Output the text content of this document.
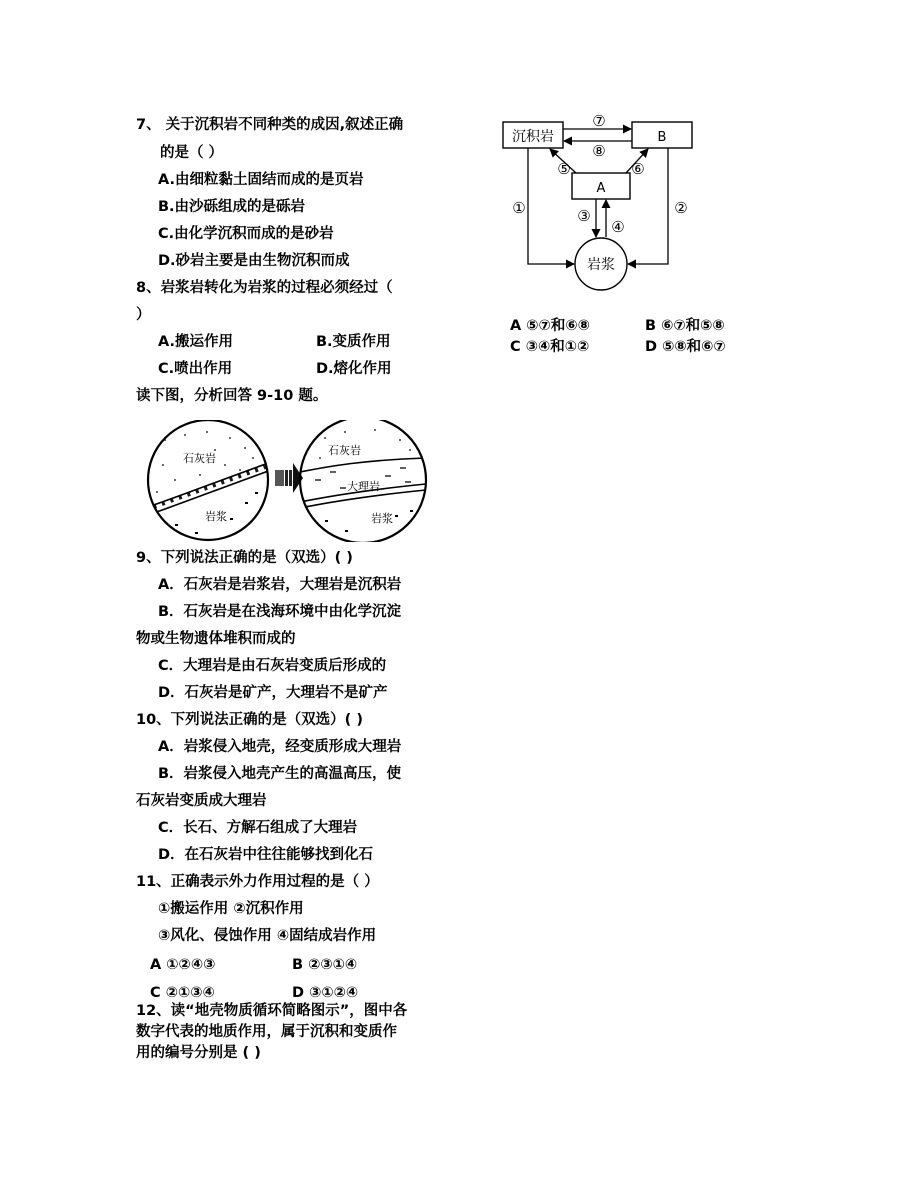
7、 关于沉积岩不同种类的成因,叙述正确
的是（ ）
A.由细粒黏土固结而成的是页岩
B.由沙砾组成的是砾岩
C.由化学沉积而成的是砂岩
D.砂岩主要是由生物沉积而成
8、岩浆岩转化为岩浆的过程必须经过（
）
A.搬运作用	B.变质作用
C.喷出作用	D.熔化作用
读下图，分析回答 9-10 题。
石灰岩
岩浆
石灰岩
大理岩
岩浆
9、下列说法正确的是（双选）( )
A．石灰岩是岩浆岩，大理岩是沉积岩
B．石灰岩是在浅海环境中由化学沉淀
物或生物遗体堆积而成的
C．大理岩是由石灰岩变质后形成的
D．石灰岩是矿产，大理岩不是矿产
10、下列说法正确的是（双选）( )
A．岩浆侵入地壳，经变质形成大理岩
B．岩浆侵入地壳产生的高温高压，使
石灰岩变质成大理岩
C．长石、方解石组成了大理岩
D．在石灰岩中往往能够找到化石
11、正确表示外力作用过程的是（ ）
①搬运作用 ②沉积作用
③风化、侵蚀作用 ④固结成岩作用
A ①②④③	B ②③①④
C ②①③④	D ③①②④
12、读“地壳物质循环简略图示”，图中各
数字代表的地质作用，属于沉积和变质作
用的编号分别是 ( )
沉积岩	B
A
岩浆
⑦
⑧
⑤	⑥
③
④
①	②
A ⑤⑦和⑥⑧	B ⑥⑦和⑤⑧
C ③④和①②	D ⑤⑧和⑥⑦
